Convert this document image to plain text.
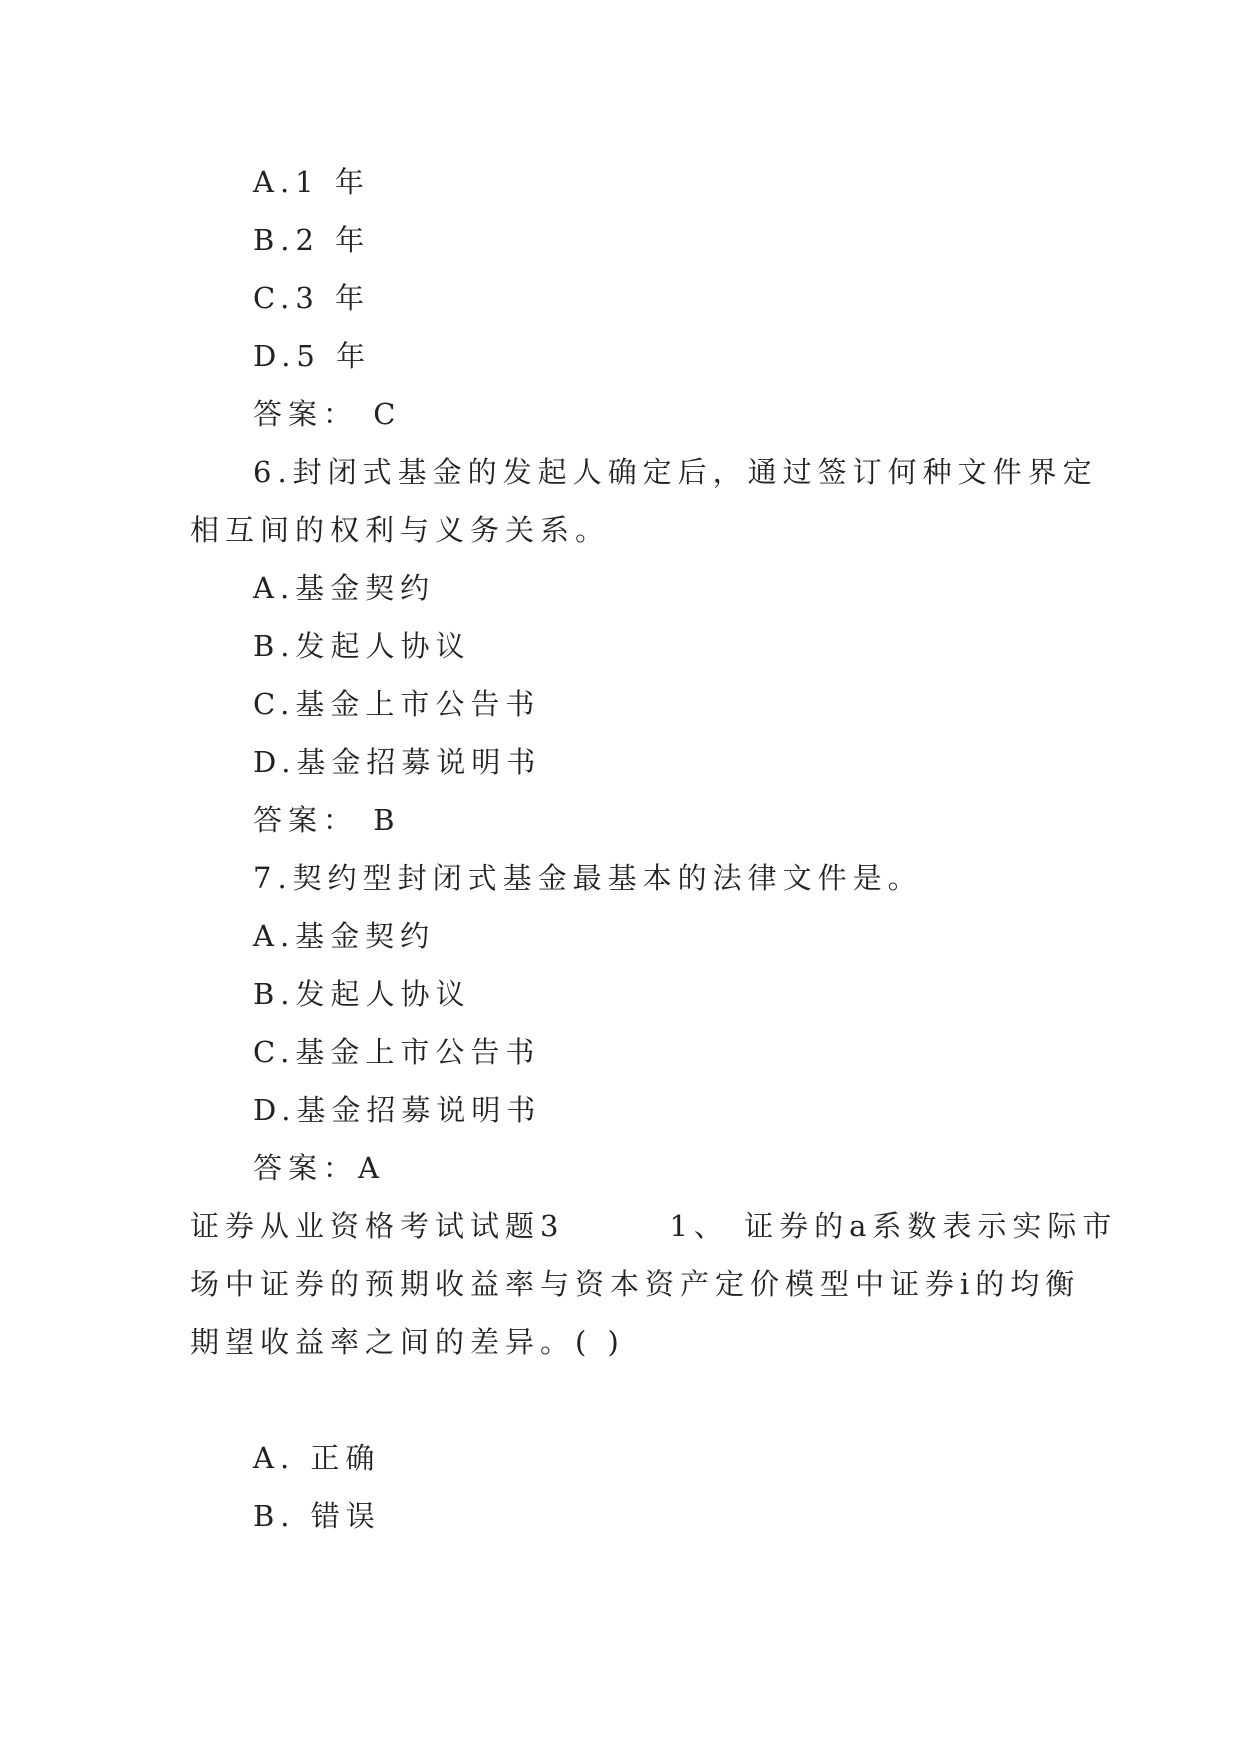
A.1 年
B.2 年
C.3 年
D.5 年
答案： C
6.封闭式基金的发起人确定后，通过签订何种文件界定
相互间的权利与义务关系。
A.基金契约
B.发起人协议
C.基金上市公告书
D.基金招募说明书
答案： B
7.契约型封闭式基金最基本的法律文件是。
A.基金契约
B.发起人协议
C.基金上市公告书
D.基金招募说明书
答案：A
证券从业资格考试试题3　　　1、 证券的a系数表示实际市
场中证券的预期收益率与资本资产定价模型中证券i的均衡
期望收益率之间的差异。( )
A. 正确
B. 错误
